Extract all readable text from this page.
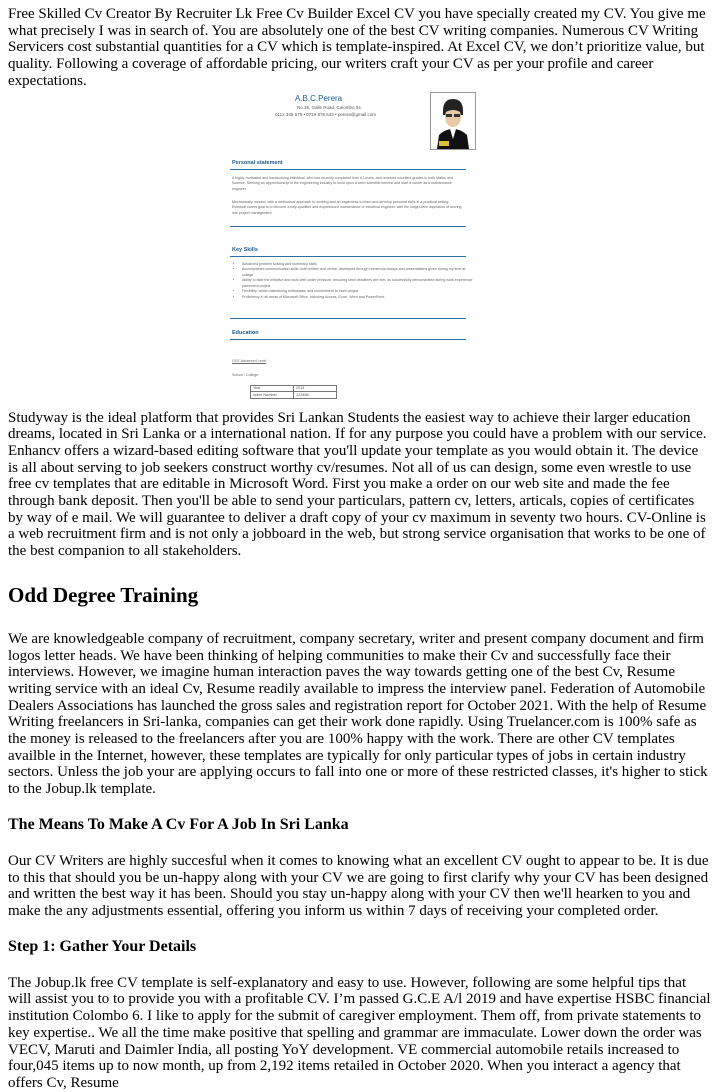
Free Skilled Cv Creator By Recruiter Lk Free Cv Builder Excel CV you have specially created my CV. You give me what precisely I was in search of. You are absolutely one of the best CV writing companies. Numerous CV Writing Servicers cost substantial quantities for a CV which is template-inspired. At Excel CV, we don’t prioritize value, but quality. Following a coverage of affordable pricing, our writers craft your CV as per your profile and career expectations.

A.B.C.Perera
No.35, Galle Road, Colombo 04
0112 345 678 • 0719 876 543 • perera@gmail.com
Personal statement
A highly motivated and hardworking individual, who has recently completed their A Levels, and received excellent grades in both Maths and Science. Seeking an apprenticeship in the engineering industry to build upon a keen scientific interest and start a career as a maintenance engineer.
Mechanically minded, with a methodical approach to working and an eagerness to learn and develop personal skills in a practical setting. Eventual career goal is to become a fully-qualified and experienced maintenance or electrical engineer, with the longer-term aspiration of moving into project management.
Key Skills
• Advanced problem solving and numeracy skills.
• Accomplished communication skills, both written and verbal, developed through numerous essays and presentations given during my time at college
• Ability to take the initiative and work well under pressure, ensuring strict deadlines are met, as successfully demonstrated during work experience placement project.
• Flexibility, whilst maintaining enthusiasm and commitment to each project.
• Proficiency in all areas of Microsoft Office, including Access, Excel, Word and PowerPoint.
Education
GCE Advanced Level
School / College:
Year	2014
Index Number	123456

Studyway is the ideal platform that provides Sri Lankan Students the easiest way to achieve their larger education dreams, located in Sri Lanka or a international nation. If for any purpose you could have a problem with our service. Enhancv offers a wizard-based editing software that you'll update your template as you would obtain it. The device is all about serving to job seekers construct worthy cv/resumes. Not all of us can design, some even wrestle to use free cv templates that are editable in Microsoft Word. First you make a order on our web site and made the fee through bank deposit. Then you'll be able to send your particulars, pattern cv, letters, articals, copies of certificates by way of e mail. We will guarantee to deliver a draft copy of your cv maximum in seventy two hours. CV-Online is a web recruitment firm and is not only a jobboard in the web, but strong service organisation that works to be one of the best companion to all stakeholders.

Odd Degree Training

We are knowledgeable company of recruitment, company secretary, writer and present company document and firm logos letter heads. We have been thinking of helping communities to make their Cv and successfully face their interviews. However, we imagine human interaction paves the way towards getting one of the best Cv, Resume writing service with an ideal Cv, Resume readily available to impress the interview panel. Federation of Automobile Dealers Associations has launched the gross sales and registration report for October 2021. With the help of Resume Writing freelancers in Sri-lanka, companies can get their work done rapidly. Using Truelancer.com is 100% safe as the money is released to the freelancers after you are 100% happy with the work. There are other CV templates availble in the Internet, however, these templates are typically for only particular types of jobs in certain industry sectors. Unless the job your are applying occurs to fall into one or more of these restricted classes, it's higher to stick to the Jobup.lk template.

The Means To Make A Cv For A Job In Sri Lanka

Our CV Writers are highly succesful when it comes to knowing what an excellent CV ought to appear to be. It is due to this that should you be un-happy along with your CV we are going to first clarify why your CV has been designed and written the best way it has been. Should you stay un-happy along with your CV then we'll hearken to you and make the any adjustments essential, offering you inform us within 7 days of receiving your completed order.

Step 1: Gather Your Details

The Jobup.lk free CV template is self-explanatory and easy to use. However, following are some helpful tips that will assist you to to provide you with a profitable CV. I’m passed G.C.E A/l 2019 and have expertise HSBC financial institution Colombo 6. I like to apply for the submit of caregiver employment. Them off, from private statements to key expertise.. We all the time make positive that spelling and grammar are immaculate. Lower down the order was VECV, Maruti and Daimler India, all posting YoY development. VE commercial automobile retails increased to four,045 items up to now month, up from 2,192 items retailed in October 2020. When you interact a agency that offers Cv, Resume
